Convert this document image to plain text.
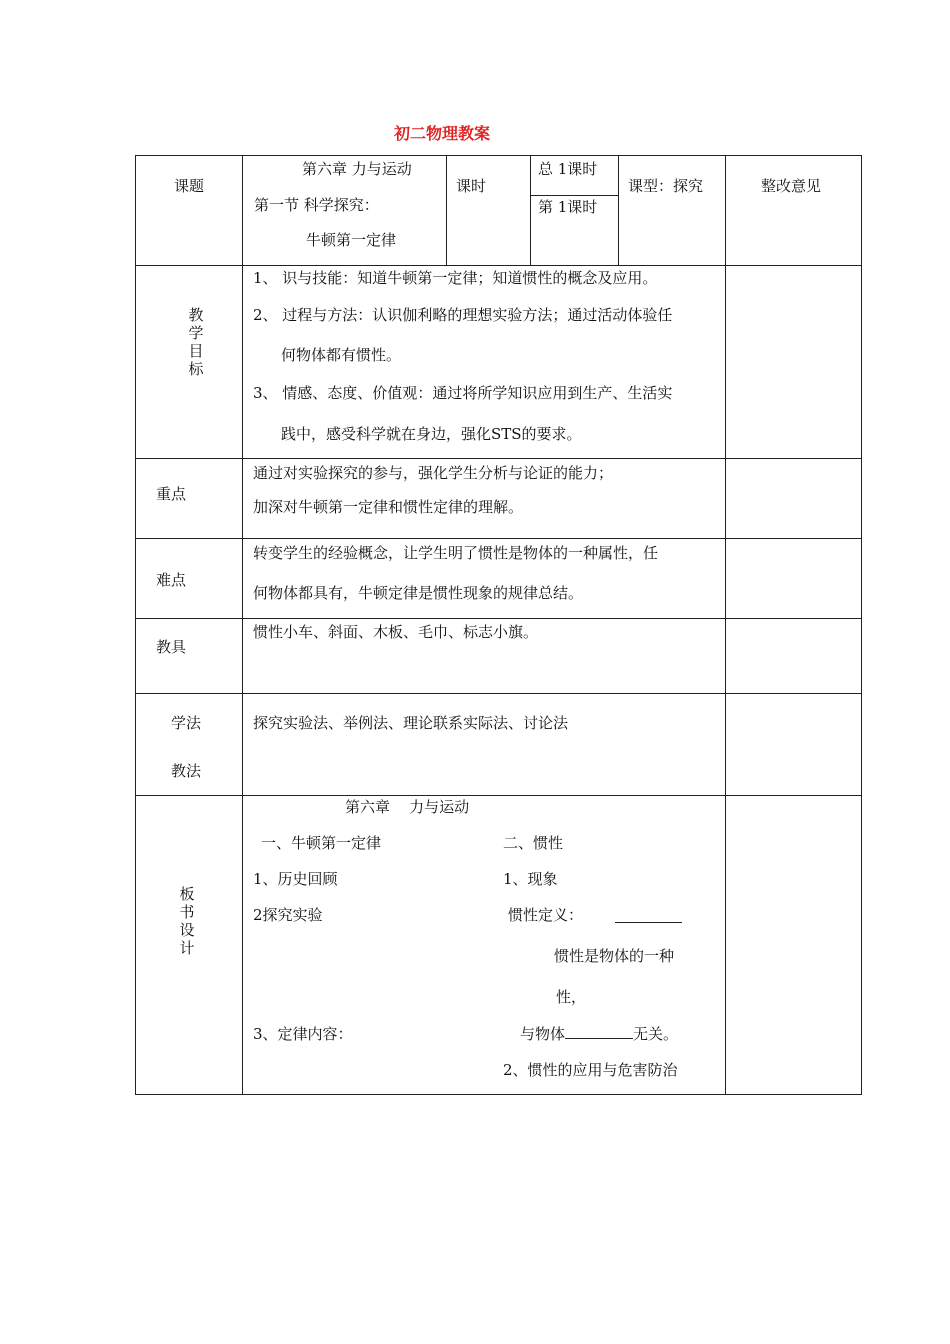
初二物理教案
课题
第六章 力与运动
第一节 科学探究：
牛顿第一定律
课时
总 1课时
第 1课时
课型：探究	整改意见
教
学
目
标
1、 识与技能：知道牛顿第一定律；知道惯性的概念及应用。
2、 过程与方法：认识伽利略的理想实验方法；通过活动体验任
何物体都有惯性。
3、 情感、态度、价值观：通过将所学知识应用到生产、生活实
践中，感受科学就在身边，强化STS的要求。
重点
通过对实验探究的参与，强化学生分析与论证的能力；
加深对牛顿第一定律和惯性定律的理解。
难点
转变学生的经验概念，让学生明了惯性是物体的一种属性，任
何物体都具有，牛顿定律是惯性现象的规律总结。
教具
惯性小车、斜面、木板、毛巾、标志小旗。
学法
教法
探究实验法、举例法、理论联系实际法、讨论法
板
书
设
计
第六章    力与运动
一、牛顿第一定律
1、历史回顾
2探究实验
3、定律内容：
二、惯性
1、现象
惯性定义：
惯性是物体的一种
性，
与物体	无关。
2、惯性的应用与危害防治
